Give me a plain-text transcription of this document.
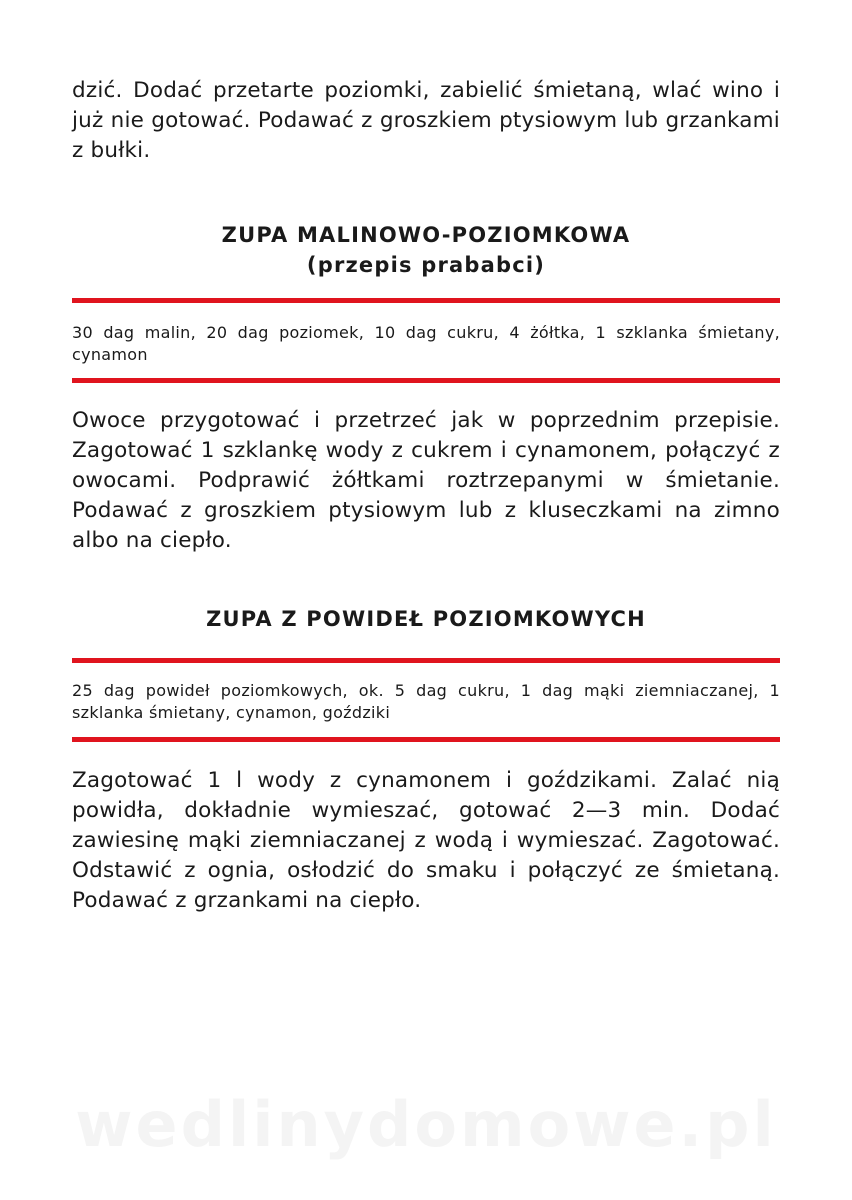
dzić. Dodać przetarte poziomki, zabielić śmietaną, wlać wino i już nie gotować. Podawać z groszkiem ptysiowym lub grzankami z bułki.

ZUPA MALINOWO-POZIOMKOWA
(przepis prababci)

30 dag malin, 20 dag poziomek, 10 dag cukru, 4 żółtka, 1 szklanka śmietany, cynamon

Owoce przygotować i przetrzeć jak w poprzednim przepisie. Zagotować 1 szklankę wody z cukrem i cynamonem, połączyć z owocami. Podprawić żółtkami roztrzepanymi w śmietanie. Podawać z groszkiem ptysiowym lub z kluseczkami na zimno albo na ciepło.

ZUPA Z POWIDEŁ POZIOMKOWYCH

25 dag powideł poziomkowych, ok. 5 dag cukru, 1 dag mąki ziemniaczanej, 1 szklanka śmietany, cynamon, goździki

Zagotować 1 l wody z cynamonem i goździkami. Zalać nią powidła, dokładnie wymieszać, gotować 2—3 min. Dodać zawiesinę mąki ziemniaczanej z wodą i wymieszać. Zagotować. Odstawić z ognia, osłodzić do smaku i połączyć ze śmietaną. Podawać z grzankami na ciepło.

wedlinydomowe.pl
